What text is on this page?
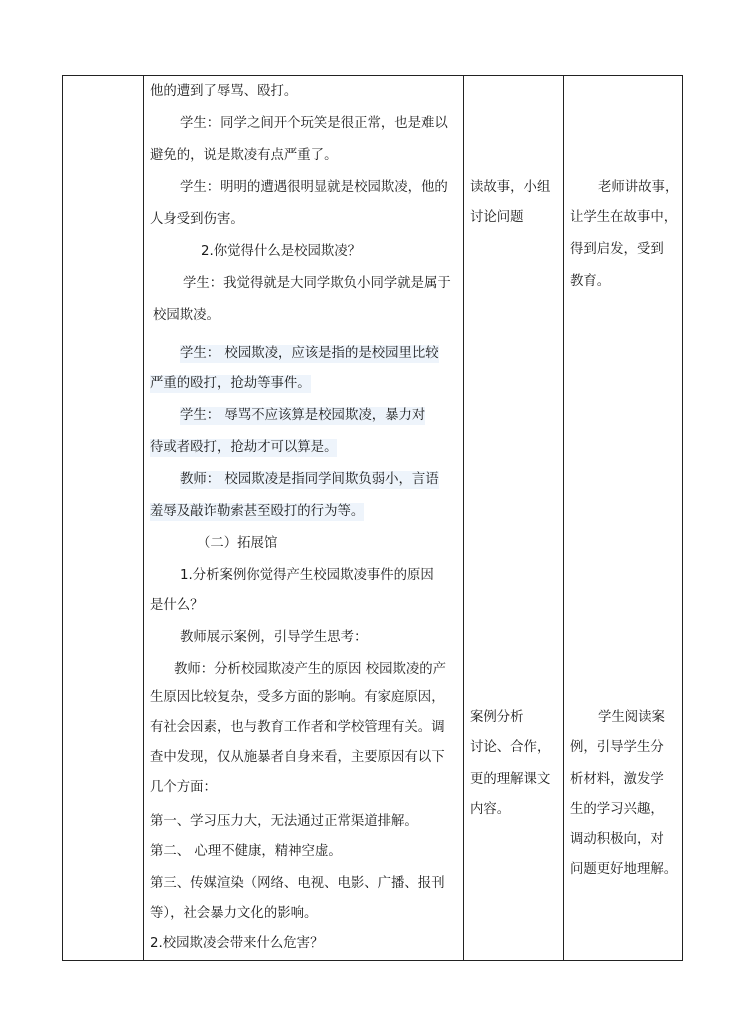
他的遭到了辱骂、殴打。
学生：同学之间开个玩笑是很正常，也是难以
避免的，说是欺凌有点严重了。
学生：明明的遭遇很明显就是校园欺凌，他的
人身受到伤害。
2.你觉得什么是校园欺凌？
学生：我觉得就是大同学欺负小同学就是属于
校园欺凌。
学生： 校园欺凌，应该是指的是校园里比较
严重的殴打，抢劫等事件。
学生： 辱骂不应该算是校园欺凌，暴力对
待或者殴打，抢劫才可以算是。
教师： 校园欺凌是指同学间欺负弱小，言语
羞辱及敲诈勒索甚至殴打的行为等。
（二）拓展馆
1.分析案例你觉得产生校园欺凌事件的原因
是什么？
教师展示案例，引导学生思考：
教师：分析校园欺凌产生的原因 校园欺凌的产
生原因比较复杂，受多方面的影响。有家庭原因，
有社会因素，也与教育工作者和学校管理有关。调
查中发现，仅从施暴者自身来看，主要原因有以下
几个方面：
第一、学习压力大，无法通过正常渠道排解。
第二、 心理不健康，精神空虚。
第三、传媒渲染（网络、电视、电影、广播、报刊
等），社会暴力文化的影响。
2.校园欺凌会带来什么危害？
读故事，小组
讨论问题
案例分析
讨论、合作，
更的理解课文
内容。
老师讲故事，
让学生在故事中，
得到启发，受到
教育。
学生阅读案
例，引导学生分
析材料，激发学
生的学习兴趣，
调动积极向，对
问题更好地理解。
